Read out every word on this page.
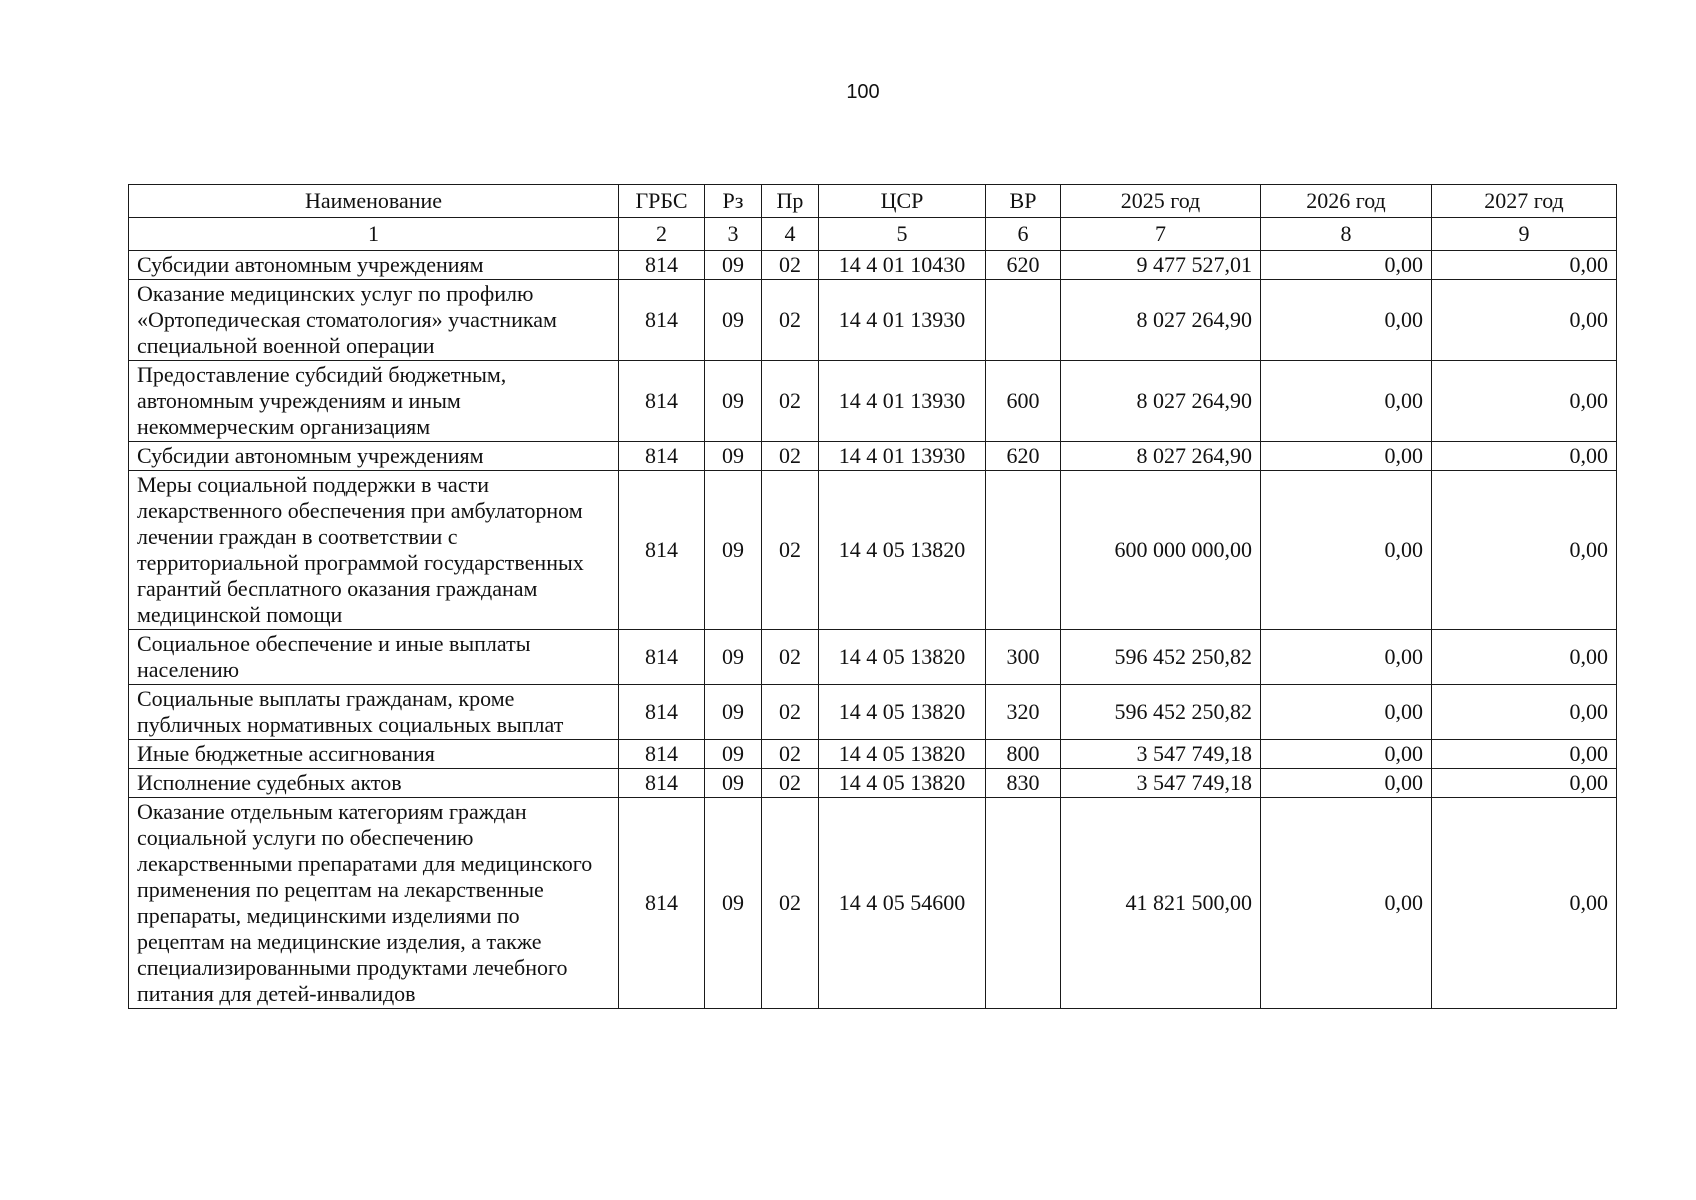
100
Наименование	ГРБС	Рз	Пр	ЦСР	ВР	2025 год	2026 год	2027 год
1	2	3	4	5	6	7	8	9
Субсидии автономным учреждениям	814	09	02	14 4 01 10430	620	9 477 527,01	0,00	0,00
Оказание медицинских услуг по профилю «Ортопедическая стоматология» участникам специальной военной операции	814	09	02	14 4 01 13930		8 027 264,90	0,00	0,00
Предоставление субсидий бюджетным, автономным учреждениям и иным некоммерческим организациям	814	09	02	14 4 01 13930	600	8 027 264,90	0,00	0,00
Субсидии автономным учреждениям	814	09	02	14 4 01 13930	620	8 027 264,90	0,00	0,00
Меры социальной поддержки в части лекарственного обеспечения при амбулаторном лечении граждан в соответствии с территориальной программой государственных гарантий бесплатного оказания гражданам медицинской помощи	814	09	02	14 4 05 13820		600 000 000,00	0,00	0,00
Социальное обеспечение и иные выплаты населению	814	09	02	14 4 05 13820	300	596 452 250,82	0,00	0,00
Социальные выплаты гражданам, кроме публичных нормативных социальных выплат	814	09	02	14 4 05 13820	320	596 452 250,82	0,00	0,00
Иные бюджетные ассигнования	814	09	02	14 4 05 13820	800	3 547 749,18	0,00	0,00
Исполнение судебных актов	814	09	02	14 4 05 13820	830	3 547 749,18	0,00	0,00
Оказание отдельным категориям граждан социальной услуги по обеспечению лекарственными препаратами для медицинского применения по рецептам на лекарственные препараты, медицинскими изделиями по рецептам на медицинские изделия, а также специализированными продуктами лечебного питания для детей-инвалидов	814	09	02	14 4 05 54600		41 821 500,00	0,00	0,00
